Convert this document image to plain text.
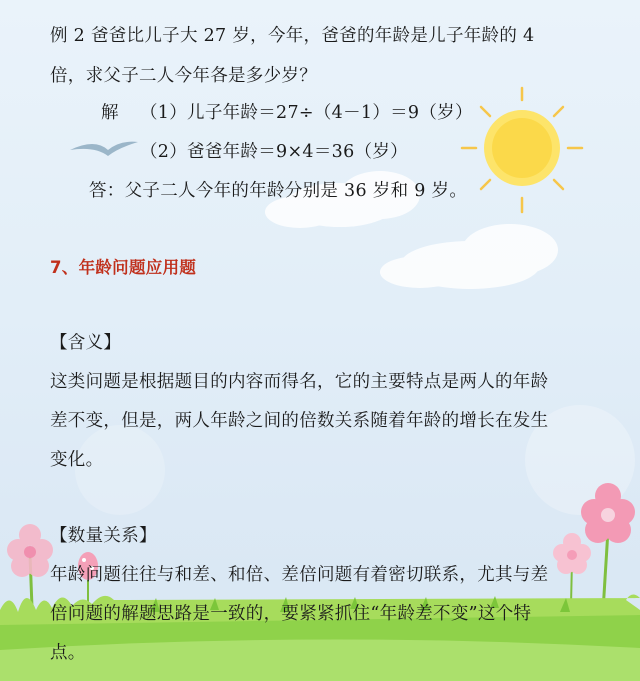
例 2 爸爸比儿子大 27 岁，今年，爸爸的年龄是儿子年龄的 4
倍，求父子二人今年各是多少岁？
解 （1）儿子年龄＝27÷（4－1）＝9（岁）
（2）爸爸年龄＝9×4＝36（岁）
答：父子二人今年的年龄分别是 36 岁和 9 岁。
7、年龄问题应用题
【含义】
这类问题是根据题目的内容而得名，它的主要特点是两人的年龄
差不变，但是，两人年龄之间的倍数关系随着年龄的增长在发生
变化。
【数量关系】
年龄问题往往与和差、和倍、差倍问题有着密切联系，尤其与差
倍问题的解题思路是一致的，要紧紧抓住“年龄差不变”这个特
点。
